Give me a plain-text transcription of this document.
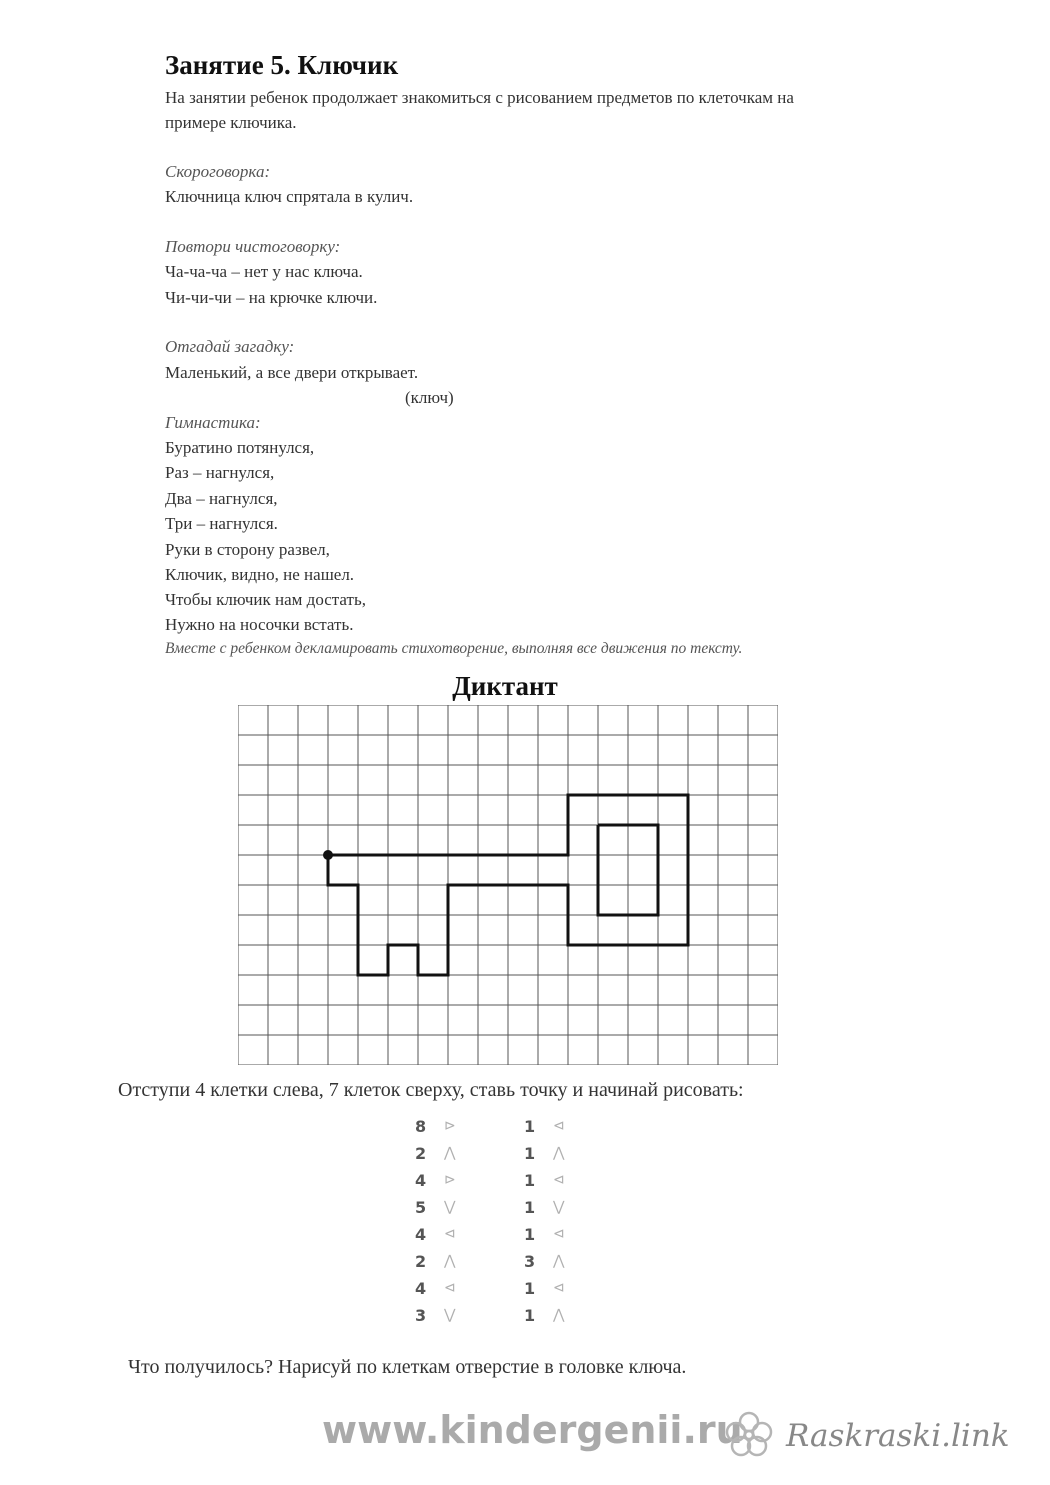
Занятие 5. Ключик
На занятии ребенок продолжает знакомиться с рисованием предметов по клеточкам на
примере ключика.
Скороговорка:
Ключница ключ спрятала в кулич.
Повтори чистоговорку:
Ча-ча-ча – нет у нас ключа.
Чи-чи-чи – на крючке ключи.
Отгадай загадку:
Маленький, а все двери открывает.
(ключ)
Гимнастика:
Буратино потянулся,
Раз – нагнулся,
Два – нагнулся,
Три – нагнулся.
Руки в сторону развел,
Ключик, видно, не нашел.
Чтобы ключик нам достать,
Нужно на носочки встать.
Вместе с ребенком декламировать стихотворение, выполняя все движения по тексту.
Диктант
Отступи 4 клетки слева, 7 клеток сверху, ставь точку и начинай рисовать:
8 ⊳
2 ⋀
4 ⊳
5 ⋁
4 ⊲
2 ⋀
4 ⊲
3 ⋁
1 ⊲
1 ⋀
1 ⊲
1 ⋁
1 ⊲
3 ⋀
1 ⊲
1 ⋀
Что получилось? Нарисуй по клеткам отверстие в головке ключа.
www.kindergenii.ru Raskraski.link
